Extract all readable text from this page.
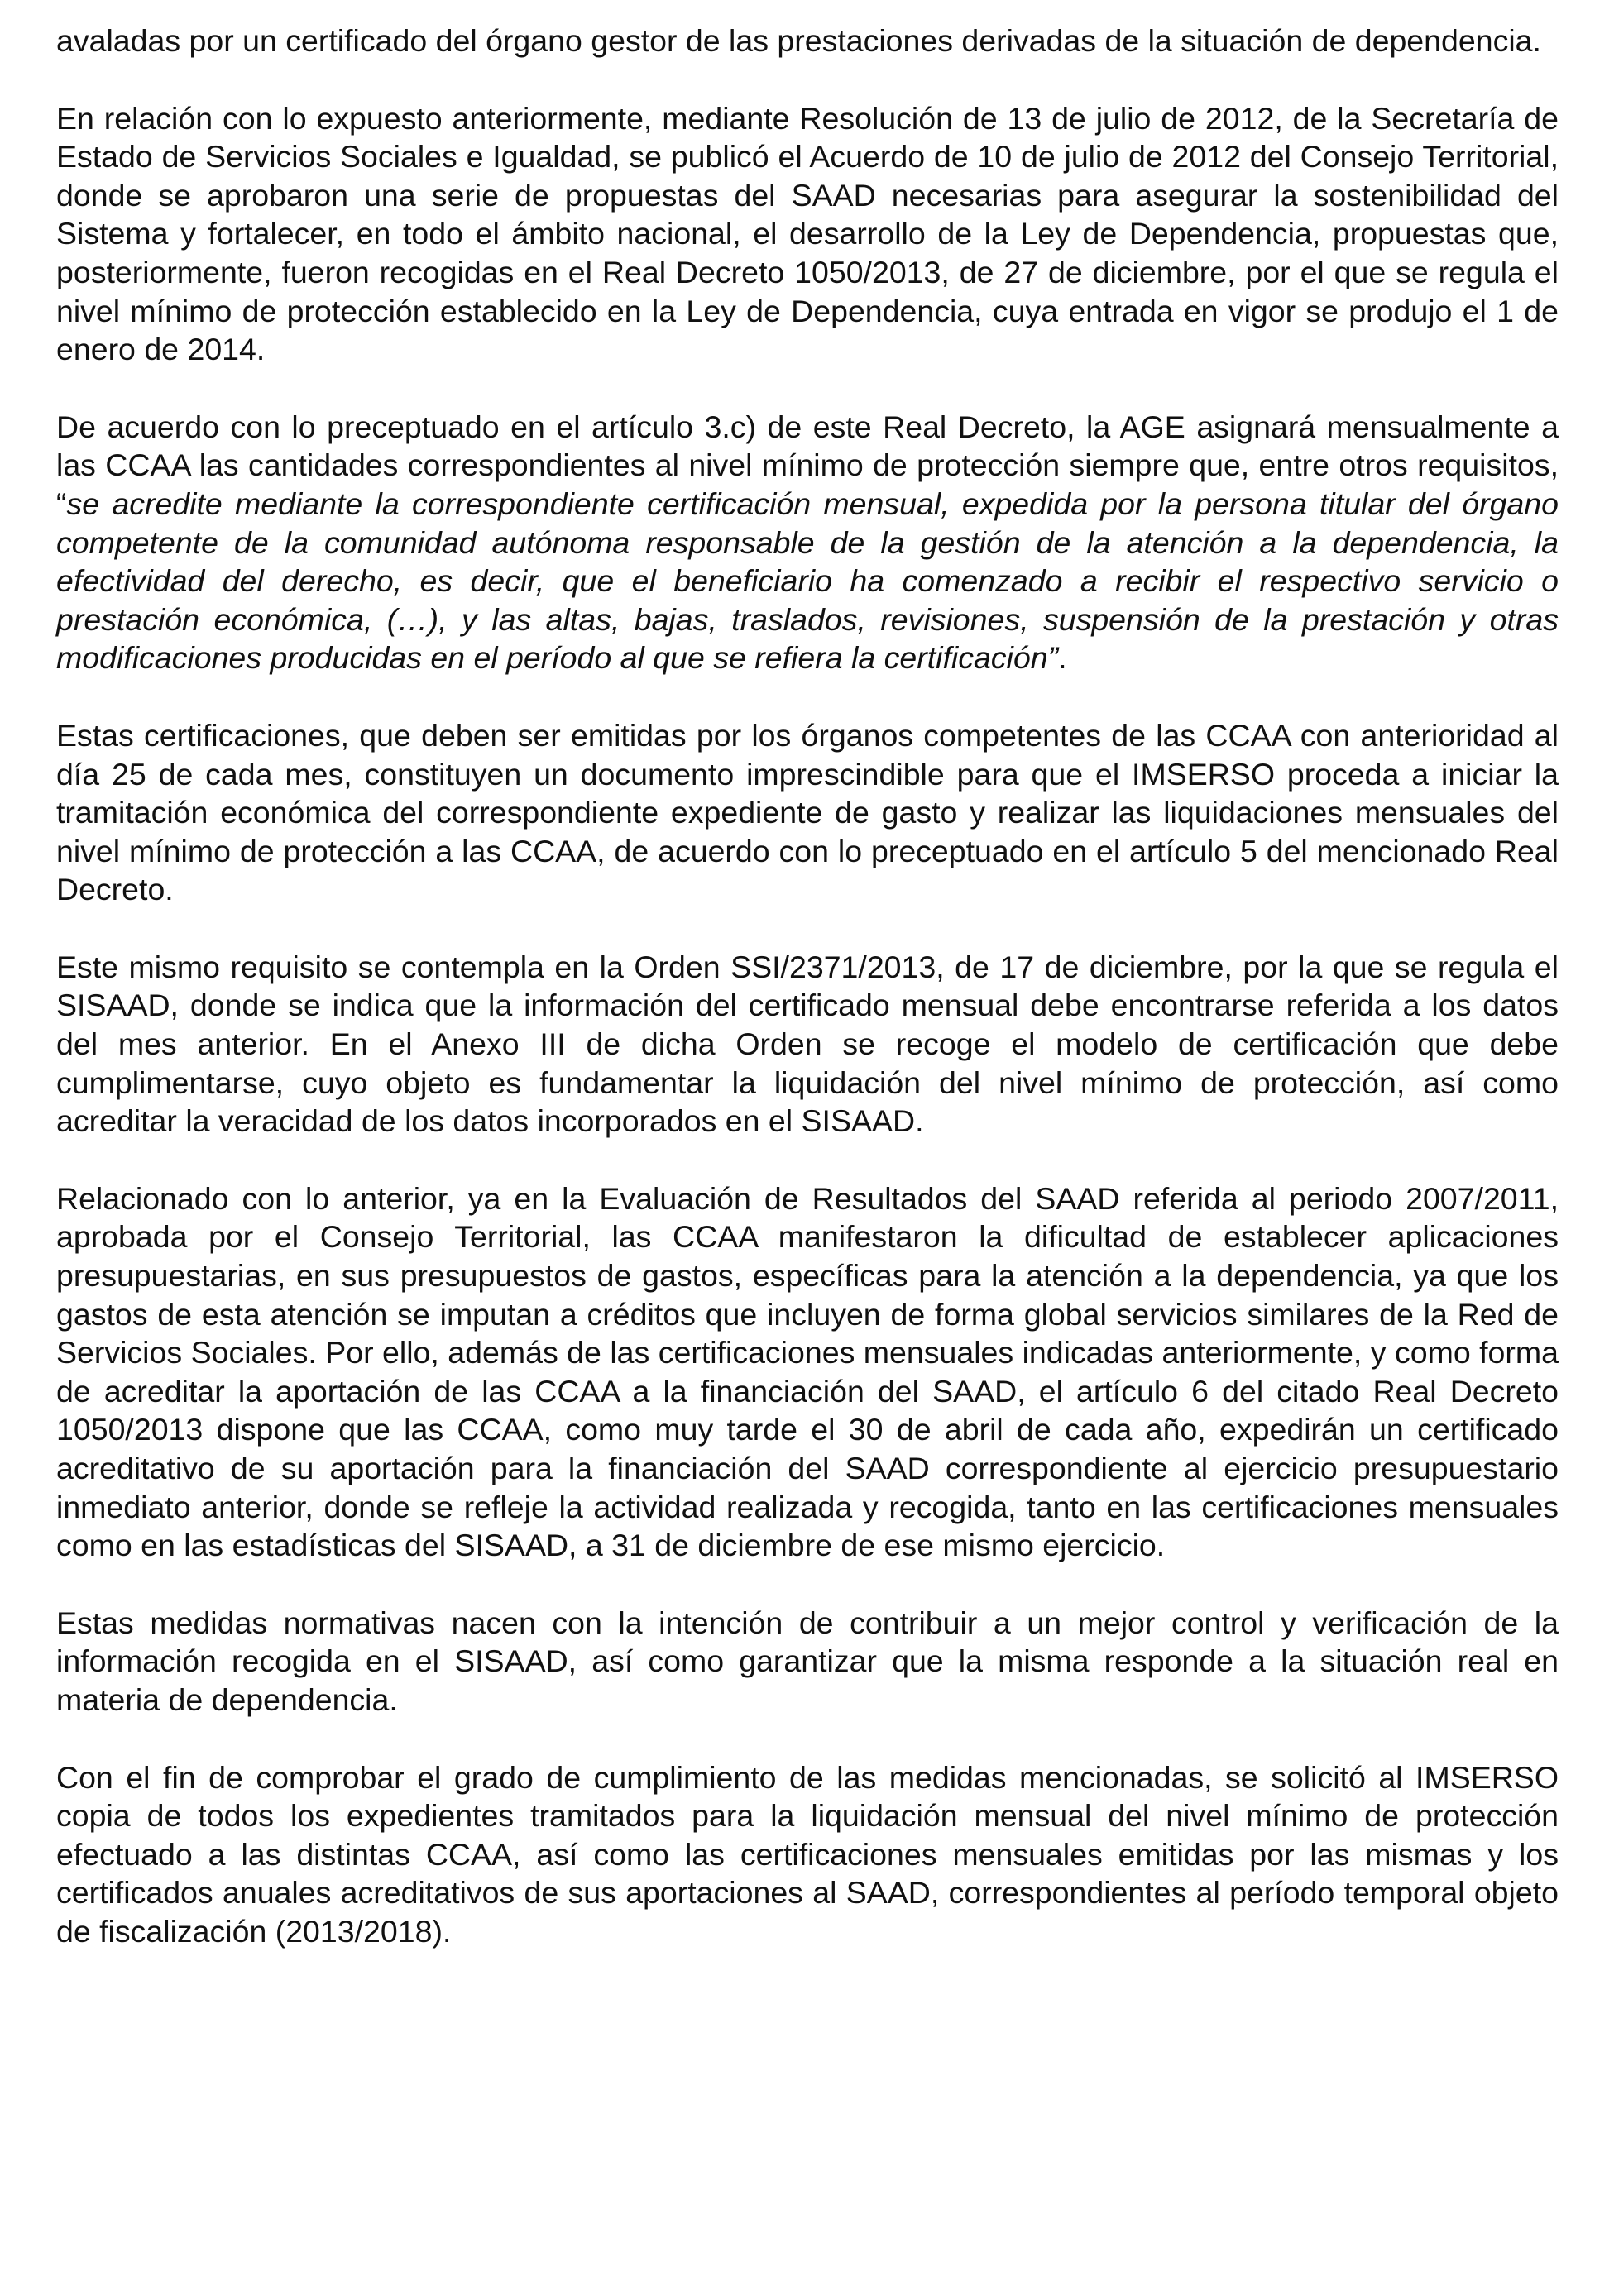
avaladas por un certificado del órgano gestor de las prestaciones derivadas de la situación de dependencia.

En relación con lo expuesto anteriormente, mediante Resolución de 13 de julio de 2012, de la Secretaría de Estado de Servicios Sociales e Igualdad, se publicó el Acuerdo de 10 de julio de 2012 del Consejo Territorial, donde se aprobaron una serie de propuestas del SAAD necesarias para asegurar la sostenibilidad del Sistema y fortalecer, en todo el ámbito nacional, el desarrollo de la Ley de Dependencia, propuestas que, posteriormente, fueron recogidas en el Real Decreto 1050/2013, de 27 de diciembre, por el que se regula el nivel mínimo de protección establecido en la Ley de Dependencia, cuya entrada en vigor se produjo el 1 de enero de 2014.

De acuerdo con lo preceptuado en el artículo 3.c) de este Real Decreto, la AGE asignará mensualmente a las CCAA las cantidades correspondientes al nivel mínimo de protección siempre que, entre otros requisitos, “se acredite mediante la correspondiente certificación mensual, expedida por la persona titular del órgano competente de la comunidad autónoma responsable de la gestión de la atención a la dependencia, la efectividad del derecho, es decir, que el beneficiario ha comenzado a recibir el respectivo servicio o prestación económica, (…), y las altas, bajas, traslados, revisiones, suspensión de la prestación y otras modificaciones producidas en el período al que se refiera la certificación”.

Estas certificaciones, que deben ser emitidas por los órganos competentes de las CCAA con anterioridad al día 25 de cada mes, constituyen un documento imprescindible para que el IMSERSO proceda a iniciar la tramitación económica del correspondiente expediente de gasto y realizar las liquidaciones mensuales del nivel mínimo de protección a las CCAA, de acuerdo con lo preceptuado en el artículo 5 del mencionado Real Decreto.

Este mismo requisito se contempla en la Orden SSI/2371/2013, de 17 de diciembre, por la que se regula el SISAAD, donde se indica que la información del certificado mensual debe encontrarse referida a los datos del mes anterior. En el Anexo III de dicha Orden se recoge el modelo de certificación que debe cumplimentarse, cuyo objeto es fundamentar la liquidación del nivel mínimo de protección, así como acreditar la veracidad de los datos incorporados en el SISAAD.

Relacionado con lo anterior, ya en la Evaluación de Resultados del SAAD referida al periodo 2007/2011, aprobada por el Consejo Territorial, las CCAA manifestaron la dificultad de establecer aplicaciones presupuestarias, en sus presupuestos de gastos, específicas para la atención a la dependencia, ya que los gastos de esta atención se imputan a créditos que incluyen de forma global servicios similares de la Red de Servicios Sociales. Por ello, además de las certificaciones mensuales indicadas anteriormente, y como forma de acreditar la aportación de las CCAA a la financiación del SAAD, el artículo 6 del citado Real Decreto 1050/2013 dispone que las CCAA, como muy tarde el 30 de abril de cada año, expedirán un certificado acreditativo de su aportación para la financiación del SAAD correspondiente al ejercicio presupuestario inmediato anterior, donde se refleje la actividad realizada y recogida, tanto en las certificaciones mensuales como en las estadísticas del SISAAD, a 31 de diciembre de ese mismo ejercicio.

Estas medidas normativas nacen con la intención de contribuir a un mejor control y verificación de la información recogida en el SISAAD, así como garantizar que la misma responde a la situación real en materia de dependencia.

Con el fin de comprobar el grado de cumplimiento de las medidas mencionadas, se solicitó al IMSERSO copia de todos los expedientes tramitados para la liquidación mensual del nivel mínimo de protección efectuado a las distintas CCAA, así como las certificaciones mensuales emitidas por las mismas y los certificados anuales acreditativos de sus aportaciones al SAAD, correspondientes al período temporal objeto de fiscalización (2013/2018).
